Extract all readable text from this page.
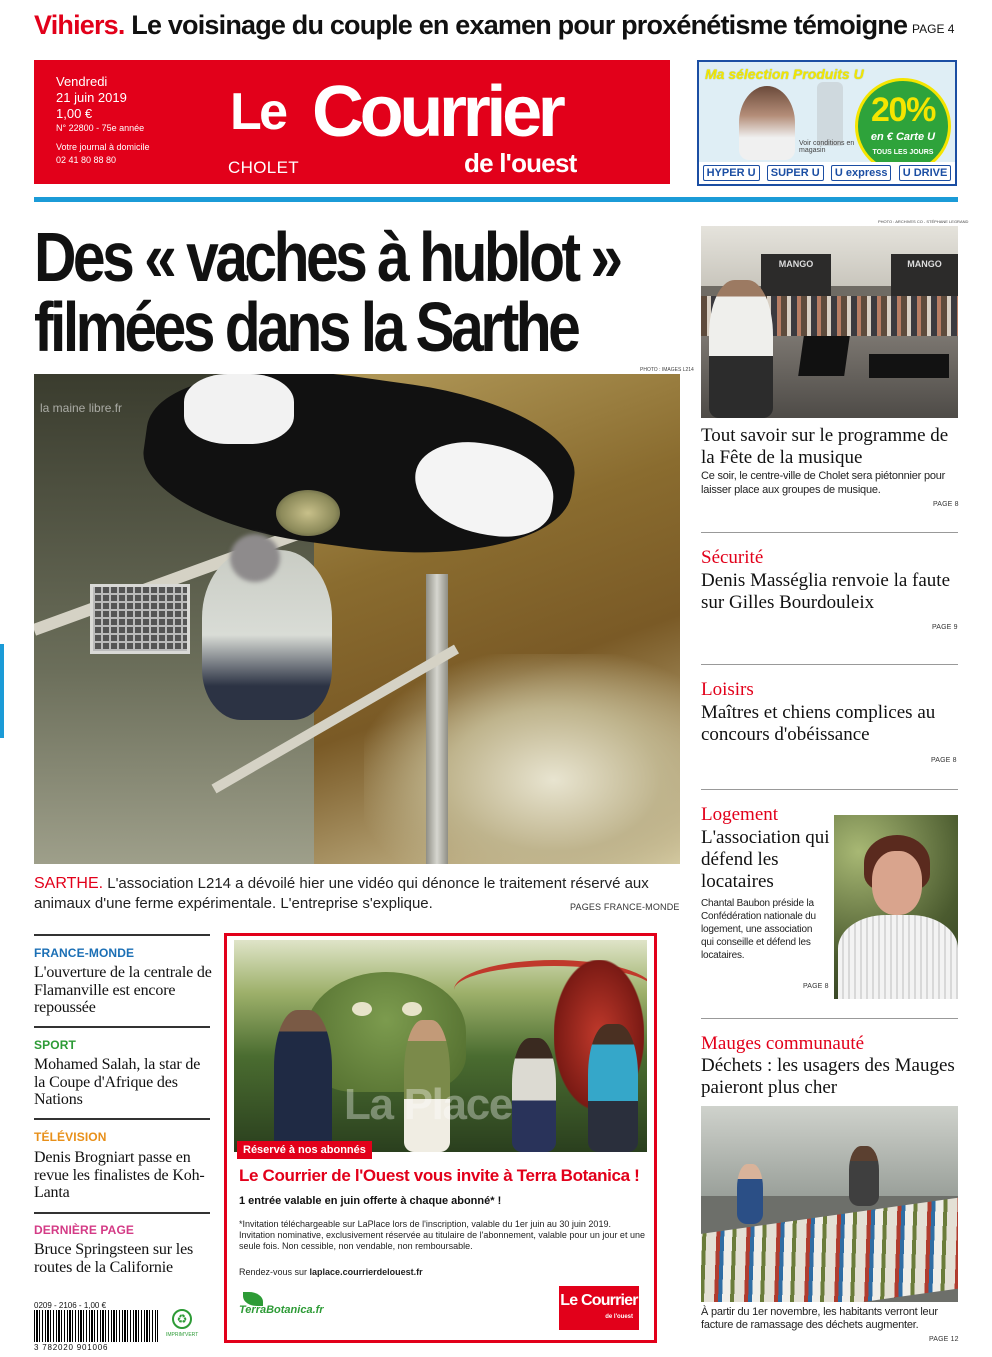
Vihiers. Le voisinage du couple en examen pour proxénétisme témoigne PAGE 4
Vendredi
21 juin 2019
1,00 €
N° 22800 - 75e année
Votre journal à domicile
02 41 80 88 80
Le Courrier
de l'ouest
CHOLET
Ma sélection Produits U
Voir conditions en magasin
20%
en € Carte U
TOUS LES JOURS
HYPER U	SUPER U	U express	U DRIVE
Des « vaches à hublot »
filmées dans la Sarthe
PHOTO : IMAGES L214
la maine libre.fr
SARTHE. L'association L214 a dévoilé hier une vidéo qui dénonce le traitement réservé aux animaux d'une ferme expérimentale. L'entreprise s'explique.	PAGES FRANCE-MONDE
PHOTO : ARCHIVES CO - STÉPHANE LEGRAND
MANGO	MANGO
Tout savoir sur le programme de la Fête de la musique
Ce soir, le centre-ville de Cholet sera piétonnier pour laisser place aux groupes de musique.
PAGE 8
Sécurité
Denis Masséglia renvoie la faute sur Gilles Bourdouleix
PAGE 9
Loisirs
Maîtres et chiens complices au concours d'obéissance
PAGE 8
Logement
L'association qui défend les locataires
Chantal Baubon préside la Confédération nationale du logement, une association qui conseille et défend les locataires.
PAGE 8
Mauges communauté
Déchets : les usagers des Mauges paieront plus cher
À partir du 1er novembre, les habitants verront leur facture de ramassage des déchets augmenter.
PAGE 12
FRANCE-MONDE
L'ouverture de la centrale de Flamanville est encore repoussée
SPORT
Mohamed Salah, la star de la Coupe d'Afrique des Nations
TÉLÉVISION
Denis Brogniart passe en revue les finalistes de Koh-Lanta
DERNIÈRE PAGE
Bruce Springsteen sur les routes de la Californie
0209 - 2106 - 1,00 €
3 782020 901006
♻
IMPRIM'VERT
La Place
Réservé à nos abonnés
Le Courrier de l'Ouest vous invite à Terra Botanica !
1 entrée valable en juin offerte à chaque abonné* !
*Invitation téléchargeable sur LaPlace lors de l'inscription, valable du 1er juin au 30 juin 2019. Invitation nominative, exclusivement réservée au titulaire de l'abonnement, valable pour un jour et une seule fois. Non cessible, non vendable, non remboursable.
Rendez-vous sur laplace.courrierdelouest.fr
TerraBotanica.fr
Le Courrier
de l'ouest
